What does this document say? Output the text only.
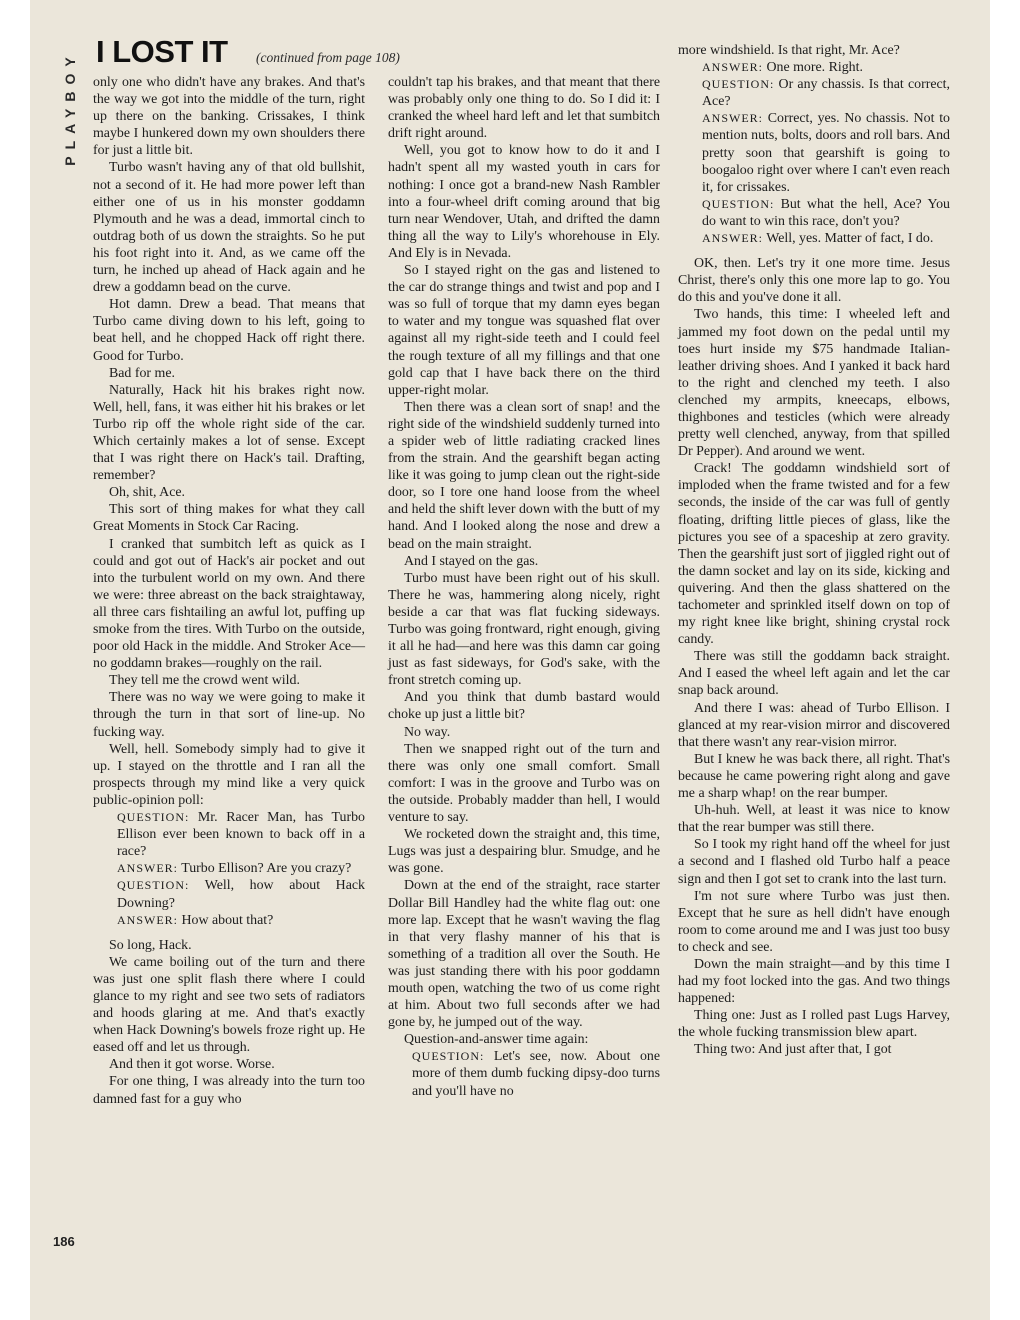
PLAYBOY I LOST IT (continued from page 108)

only one who didn't have any brakes. And that's the way we got into the middle of the turn, right up there on the banking. Crissakes, I think maybe I hunkered down my own shoulders there for just a little bit.

Turbo wasn't having any of that old bullshit, not a second of it. He had more power left than either one of us in his monster goddamn Plymouth and he was a dead, immortal cinch to outdrag both of us down the straights. So he put his foot right into it. And, as we came off the turn, he inched up ahead of Hack again and he drew a goddamn bead on the curve.

Hot damn. Drew a bead. That means that Turbo came diving down to his left, going to beat hell, and he chopped Hack off right there. Good for Turbo.

Bad for me.

Naturally, Hack hit his brakes right now. Well, hell, fans, it was either hit his brakes or let Turbo rip off the whole right side of the car. Which certainly makes a lot of sense. Except that I was right there on Hack's tail. Drafting, remember?

Oh, shit, Ace.

This sort of thing makes for what they call Great Moments in Stock Car Racing.

I cranked that sumbitch left as quick as I could and got out of Hack's air pocket and out into the turbulent world on my own. And there we were: three abreast on the back straightaway, all three cars fishtailing an awful lot, puffing up smoke from the tires. With Turbo on the outside, poor old Hack in the middle. And Stroker Ace—no goddamn brakes—roughly on the rail.

They tell me the crowd went wild.

There was no way we were going to make it through the turn in that sort of line-up. No fucking way.

Well, hell. Somebody simply had to give it up. I stayed on the throttle and I ran all the prospects through my mind like a very quick public-opinion poll:

QUESTION: Mr. Racer Man, has Turbo Ellison ever been known to back off in a race?

ANSWER: Turbo Ellison? Are you crazy?

QUESTION: Well, how about Hack Downing?

ANSWER: How about that?

So long, Hack.

We came boiling out of the turn and there was just one split flash there where I could glance to my right and see two sets of radiators and hoods glaring at me. And that's exactly when Hack Downing's bowels froze right up. He eased off and let us through.

And then it got worse. Worse.

For one thing, I was already into the turn too damned fast for a guy who

couldn't tap his brakes, and that meant that there was probably only one thing to do. So I did it: I cranked the wheel hard left and let that sumbitch drift right around.

Well, you got to know how to do it and I hadn't spent all my wasted youth in cars for nothing: I once got a brand-new Nash Rambler into a four-wheel drift coming around that big turn near Wendover, Utah, and drifted the damn thing all the way to Lily's whorehouse in Ely. And Ely is in Nevada.

So I stayed right on the gas and listened to the car do strange things and twist and pop and I was so full of torque that my damn eyes began to water and my tongue was squashed flat over against all my right-side teeth and I could feel the rough texture of all my fillings and that one gold cap that I have back there on the third upper-right molar.

Then there was a clean sort of snap! and the right side of the windshield suddenly turned into a spider web of little radiating cracked lines from the strain. And the gearshift began acting like it was going to jump clean out the right-side door, so I tore one hand loose from the wheel and held the shift lever down with the butt of my hand. And I looked along the nose and drew a bead on the main straight.

And I stayed on the gas.

Turbo must have been right out of his skull. There he was, hammering along nicely, right beside a car that was flat fucking sideways. Turbo was going frontward, right enough, giving it all he had—and here was this damn car going just as fast sideways, for God's sake, with the front stretch coming up.

And you think that dumb bastard would choke up just a little bit?

No way.

Then we snapped right out of the turn and there was only one small comfort. Small comfort: I was in the groove and Turbo was on the outside. Probably madder than hell, I would venture to say.

We rocketed down the straight and, this time, Lugs was just a despairing blur. Smudge, and he was gone.

Down at the end of the straight, race starter Dollar Bill Handley had the white flag out: one more lap. Except that he wasn't waving the flag in that very flashy manner of his that is something of a tradition all over the South. He was just standing there with his poor goddamn mouth open, watching the two of us come right at him. About two full seconds after we had gone by, he jumped out of the way.

Question-and-answer time again:

QUESTION: Let's see, now. About one more of them dumb fucking dipsy-doo turns and you'll have no

more windshield. Is that right, Mr. Ace?

ANSWER: One more. Right.

QUESTION: Or any chassis. Is that correct, Ace?

ANSWER: Correct, yes. No chassis. Not to mention nuts, bolts, doors and roll bars. And pretty soon that gearshift is going to boogaloo right over where I can't even reach it, for crissakes.

QUESTION: But what the hell, Ace? You do want to win this race, don't you?

ANSWER: Well, yes. Matter of fact, I do.

OK, then. Let's try it one more time. Jesus Christ, there's only this one more lap to go. You do this and you've done it all.

Two hands, this time: I wheeled left and jammed my foot down on the pedal until my toes hurt inside my $75 handmade Italian-leather driving shoes. And I yanked it back hard to the right and clenched my teeth. I also clenched my armpits, kneecaps, elbows, thighbones and testicles (which were already pretty well clenched, anyway, from that spilled Dr Pepper). And around we went.

Crack! The goddamn windshield sort of imploded when the frame twisted and for a few seconds, the inside of the car was full of gently floating, drifting little pieces of glass, like the pictures you see of a spaceship at zero gravity. Then the gearshift just sort of jiggled right out of the damn socket and lay on its side, kicking and quivering. And then the glass shattered on the tachometer and sprinkled itself down on top of my right knee like bright, shining crystal rock candy.

There was still the goddamn back straight. And I eased the wheel left again and let the car snap back around.

And there I was: ahead of Turbo Ellison. I glanced at my rear-vision mirror and discovered that there wasn't any rear-vision mirror.

But I knew he was back there, all right. That's because he came powering right along and gave me a sharp whap! on the rear bumper.

Uh-huh. Well, at least it was nice to know that the rear bumper was still there.

So I took my right hand off the wheel for just a second and I flashed old Turbo half a peace sign and then I got set to crank into the last turn.

I'm not sure where Turbo was just then. Except that he sure as hell didn't have enough room to come around me and I was just too busy to check and see.

Down the main straight—and by this time I had my foot locked into the gas. And two things happened:

Thing one: Just as I rolled past Lugs Harvey, the whole fucking transmission blew apart.

Thing two: And just after that, I got

186
